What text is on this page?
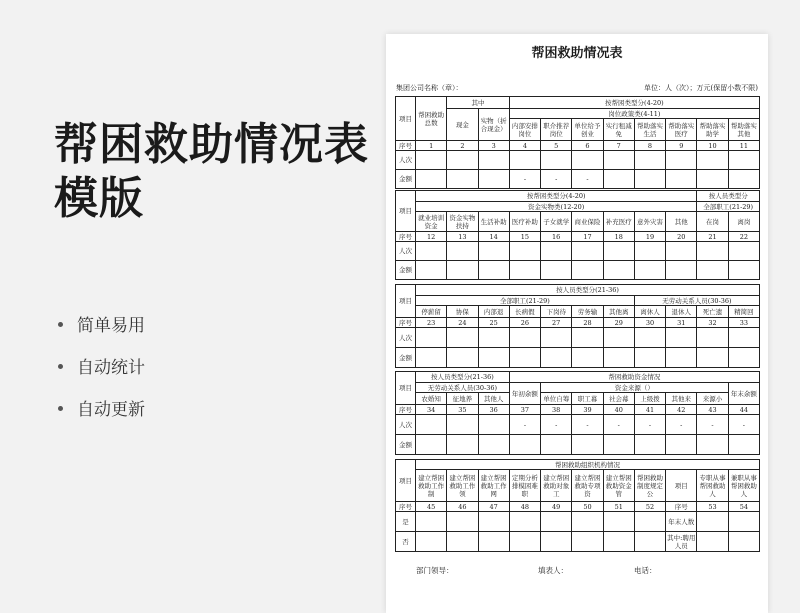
帮困救助情况表
模版
简单易用
自动统计
自动更新
帮困救助情况表
集团公司名称（章）：	单位：人（次）；万元(保留小数不限)
项目	帮困救助总数	其中		按帮困类型分(4-20)							
		现金	实物（折合现金）	岗位政策类(4-11)							
				内部安排岗位	职介推荐岗位	单位给予创业	实行租减免	帮助落实生活	帮助落实医疗	帮助落实助学	帮助落实其他
序号	1	2	3	4	5	6	7	8	9	10	11
人次											
金额				-	-	-					
项目	按帮困类型分(4-20)									按人员类型分	
	资金实物类(12-20)									全部职工(21-29)	
	就业培训资金	资金实物扶持	生活补助	医疗补助	子女就学	商业保险	补充医疗	意外灾害	其他	在岗	离岗
序号	12	13	14	15	16	17	18	19	20	21	22
人次											
金额											
项目	按人员类型分(21-36)										
	全部职工(21-29)							无劳动关系人员(30-36)			
	停薪留	协保	内部退	长病假	下岗待	劳务输	其他离	离休人	退休人	死亡遗	精简回
序号	23	24	25	26	27	28	29	30	31	32	33
人次											
金额											
项目	按人员类型分(21-36)			帮困救助资金情况							
	无劳动关系人员(30-36)			年初余额	资金来源（）						年末余额
	农婚知	征地养	其他人		单位自筹	职工幕	社会幕	上级拨	其他来	来源小	
序号	34	35	36	37	38	39	40	41	42	43	44
人次				-	-	-	-	-	-	-	-
金额											
项目	帮困救助组织机构情况										
	建立帮困救助工作制	建立帮困救助工作领	建立帮困救助工作网	定期分析排模困难职	建立帮困救助对象工	建立帮困救助专项资	建立帮困救助资金管	帮困救助制度规定公	项目	专职从事帮困救助人	兼职从事帮困救助人
序号	45	46	47	48	49	50	51	52	序号	53	54
是									年末人数		
否									其中:聘用人员		
部门领导：	填表人：	电话：
